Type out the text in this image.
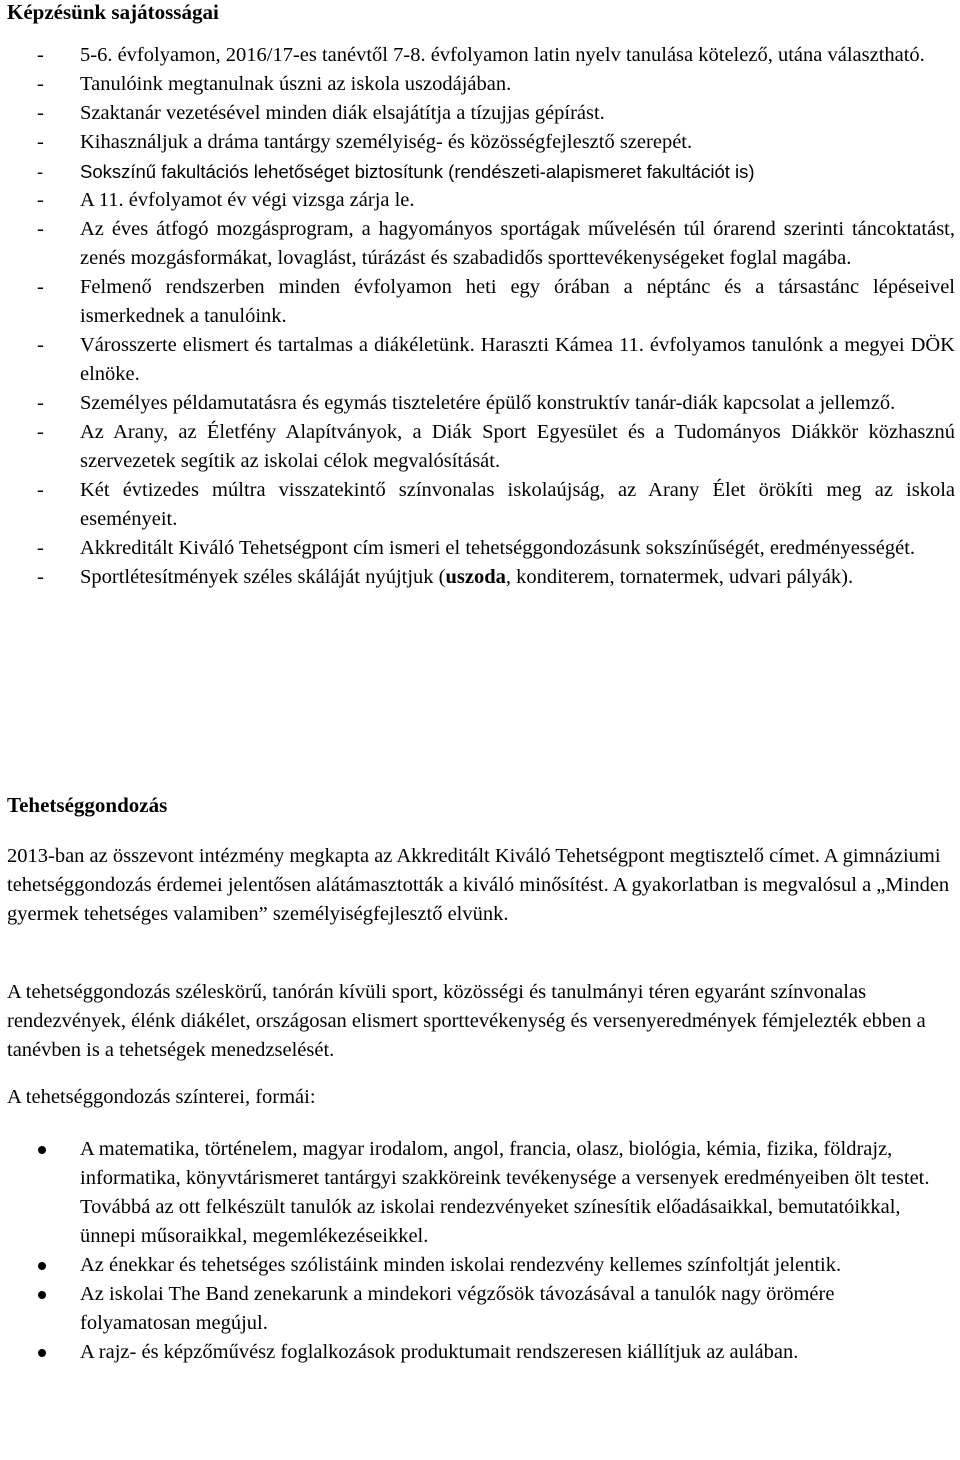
Képzésünk sajátosságai
- 5-6. évfolyamon, 2016/17-es tanévtől 7-8. évfolyamon latin nyelv tanulása kötelező, utána választható.
- Tanulóink megtanulnak úszni az iskola uszodájában.
- Szaktanár vezetésével minden diák elsajátítja a tízujjas gépírást.
- Kihasználjuk a dráma tantárgy személyiség- és közösségfejlesztő szerepét.
- Sokszínű fakultációs lehetőséget biztosítunk (rendészeti-alapismeret fakultációt is)
- A 11. évfolyamot év végi vizsga zárja le.
- Az éves átfogó mozgásprogram, a hagyományos sportágak művelésén túl órarend szerinti táncoktatást, zenés mozgásformákat, lovaglást, túrázást és szabadidős sporttevékenységeket foglal magába.
- Felmenő rendszerben minden évfolyamon heti egy órában a néptánc és a társastánc lépéseivel ismerkednek a tanulóink.
- Városszerte elismert és tartalmas a diákéletünk. Haraszti Kámea 11. évfolyamos tanulónk a megyei DÖK elnöke.
- Személyes példamutatásra és egymás tiszteletére épülő konstruktív tanár-diák kapcsolat a jellemző.
- Az Arany, az Életfény Alapítványok, a Diák Sport Egyesület és a Tudományos Diákkör közhasznú szervezetek segítik az iskolai célok megvalósítását.
- Két évtizedes múltra visszatekintő színvonalas iskolaújság, az Arany Élet örökíti meg az iskola eseményeit.
- Akkreditált Kiváló Tehetségpont cím ismeri el tehetséggondozásunk sokszínűségét, eredményességét.
- Sportlétesítmények széles skáláját nyújtjuk (uszoda, konditerem, tornatermek, udvari pályák).
Tehetséggondozás

2013-ban az összevont intézmény megkapta az Akkreditált Kiváló Tehetségpont megtisztelő címet. A gimnáziumi tehetséggondozás érdemei jelentősen alátámasztották a kiváló minősítést. A gyakorlatban is megvalósul a „Minden gyermek tehetséges valamiben” személyiségfejlesztő elvünk.

A tehetséggondozás széleskörű, tanórán kívüli sport, közösségi és tanulmányi téren egyaránt színvonalas rendezvények, élénk diákélet, országosan elismert sporttevékenység és versenyeredmények fémjelezték ebben a tanévben is a tehetségek menedzselését.

A tehetséggondozás színterei, formái:

A matematika, történelem, magyar irodalom, angol, francia, olasz, biológia, kémia, fizika, földrajz, informatika, könyvtárismeret tantárgyi szakköreink tevékenysége a versenyek eredményeiben ölt testet. Továbbá az ott felkészült tanulók az iskolai rendezvényeket színesítik előadásaikkal, bemutatóikkal, ünnepi műsoraikkal, megemlékezéseikkel.
Az énekkar és tehetséges szólistáink minden iskolai rendezvény kellemes színfoltját jelentik.
Az iskolai The Band zenekarunk a mindekori végzősök távozásával a tanulók nagy örömére folyamatosan megújul.
A rajz- és képzőművész foglalkozások produktumait rendszeresen kiállítjuk az aulában.
